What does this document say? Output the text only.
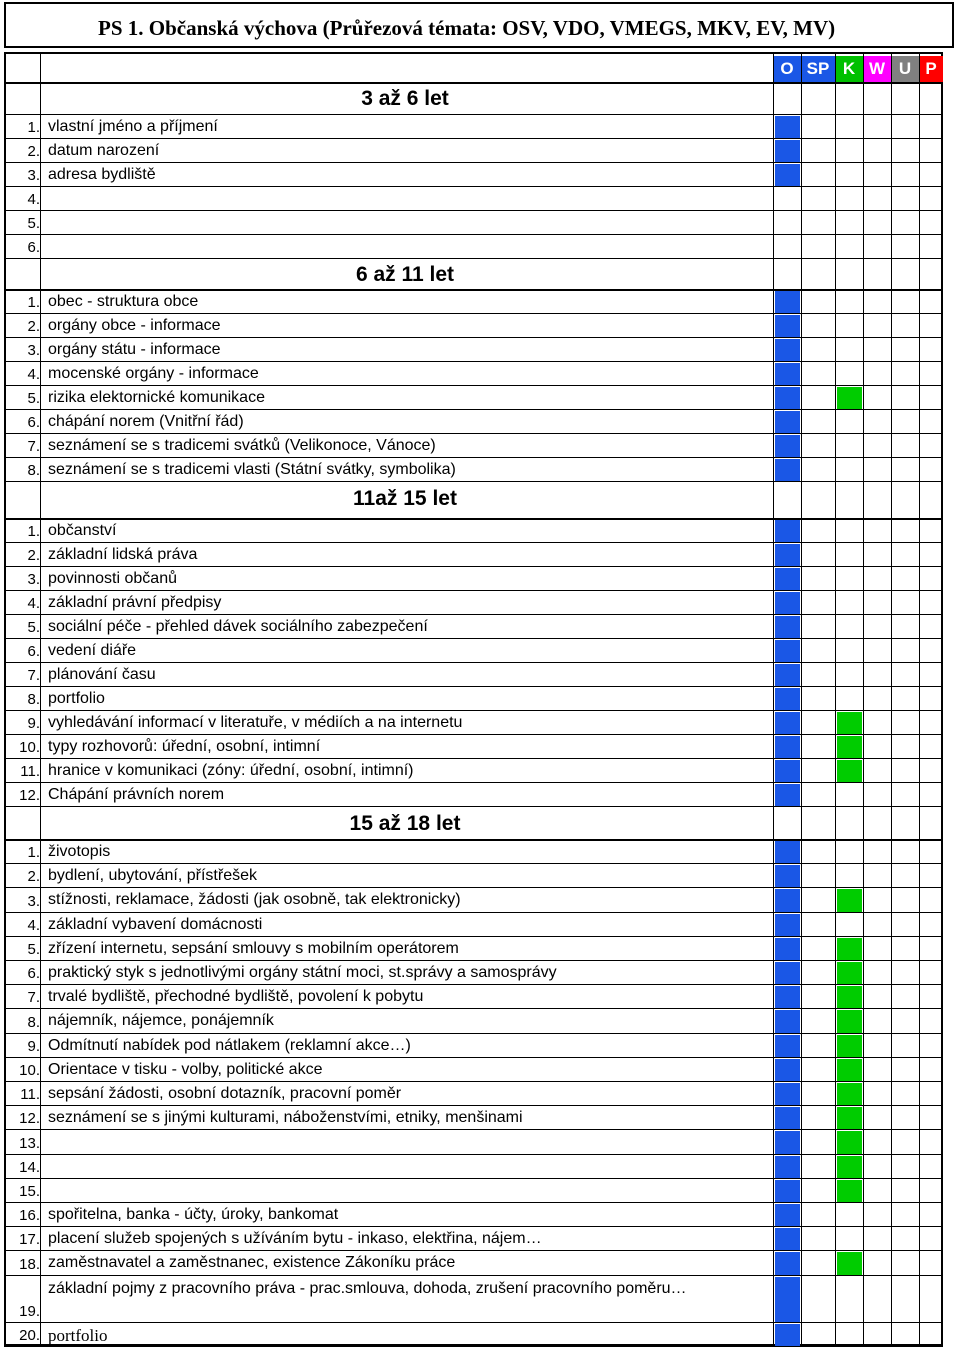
PS 1. Občanská výchova (Průřezová témata: OSV, VDO, VMEGS, MKV, EV, MV)
O SP K W U P
3 až 6 let
1. vlastní jméno a příjmení
2. datum narození
3. adresa bydliště
4.
5.
6.
6 až 11 let
1. obec - struktura obce
2. orgány obce - informace
3. orgány státu - informace
4. mocenské orgány - informace
5. rizika elektornické komunikace
6. chápání norem (Vnitřní řád)
7. seznámení se s tradicemi svátků (Velikonoce, Vánoce)
8. seznámení se s tradicemi vlasti (Státní svátky, symbolika)
11až 15 let
1. občanství
2. základní lidská práva
3. povinnosti občanů
4. základní právní předpisy
5. sociální péče - přehled dávek sociálního zabezpečení
6. vedení diáře
7. plánování času
8. portfolio
9. vyhledávání informací v literatuře, v médiích a na internetu
10. typy rozhovorů: úřední, osobní, intimní
11. hranice v komunikaci (zóny: úřední, osobní, intimní)
12. Chápání právních norem
15 až 18 let
1. životopis
2. bydlení, ubytování, přístřešek
3. stížnosti, reklamace, žádosti (jak osobně, tak elektronicky)
4. základní vybavení domácnosti
5. zřízení internetu, sepsání smlouvy s mobilním operátorem
6. praktický styk s jednotlivými orgány státní moci, st.správy a samosprávy
7. trvalé bydliště, přechodné bydliště, povolení k pobytu
8. nájemník, nájemce, ponájemník
9. Odmítnutí nabídek pod nátlakem (reklamní akce…)
10. Orientace v tisku - volby, politické akce
11. sepsání žádosti, osobní dotazník, pracovní poměr
12. seznámení se s jinými kulturami, náboženstvími, etniky, menšinami
13.
14.
15.
16. spořitelna, banka - účty, úroky, bankomat
17. placení služeb spojených s užíváním bytu - inkaso, elektřina, nájem…
18. zaměstnavatel a zaměstnanec, existence Zákoníku práce
19.
základní pojmy z pracovního práva - prac.smlouva, dohoda, zrušení pracovního poměru…
20. portfolio
